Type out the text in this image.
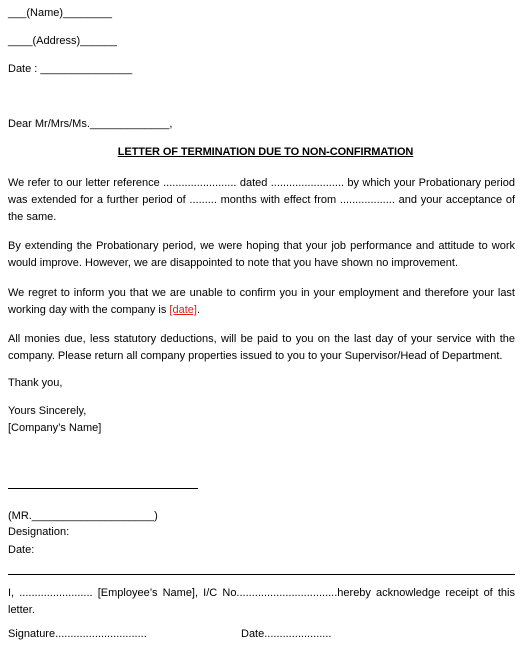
___(Name)________
____(Address)______
Date : _______________
Dear Mr/Mrs/Ms._____________,
LETTER OF TERMINATION DUE TO NON-CONFIRMATION
We refer to our letter reference ........................ dated ........................ by which your Probationary period was extended for a further period of ......... months with effect from .................. and your acceptance of the same.
By extending the Probationary period, we were hoping that your job performance and attitude to work would improve. However, we are disappointed to note that you have shown no improvement.
We regret to inform you that we are unable to confirm you in your employment and therefore your last working day with the company is [date].
All monies due, less statutory deductions, will be paid to you on the last day of your service with the company. Please return all company properties issued to you to your Supervisor/Head of Department.
Thank you,
Yours Sincerely,
[Company’s Name]
(MR.____________________)
Designation:
Date:
I, ........................ [Employee’s Name], I/C No.................................hereby acknowledge receipt of this letter.
Signature..............................	Date......................
